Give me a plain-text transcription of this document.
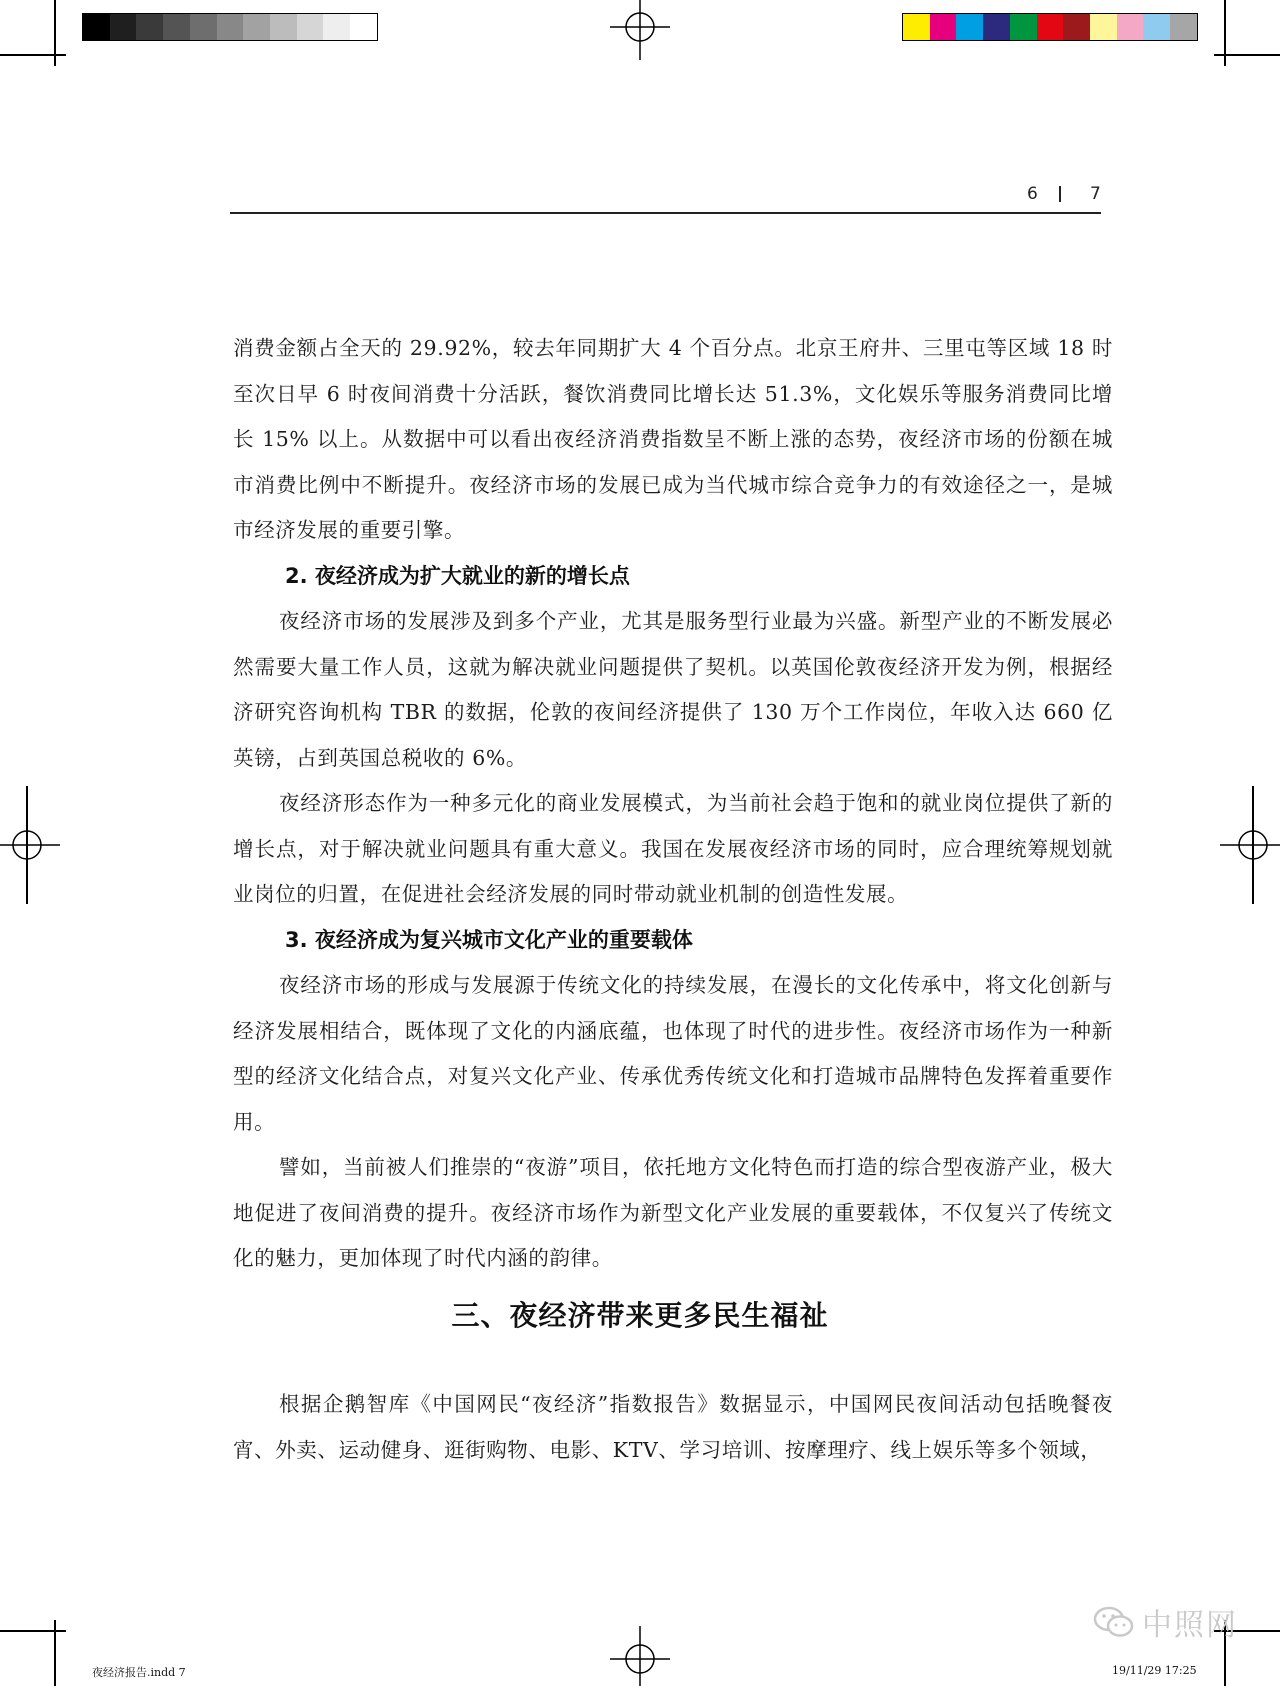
6	7

消费金额占全天的 29.92%，较去年同期扩大 4 个百分点。北京王府井、三里屯等区域 18 时至次日早 6 时夜间消费十分活跃，餐饮消费同比增长达 51.3%，文化娱乐等服务消费同比增长 15% 以上。从数据中可以看出夜经济消费指数呈不断上涨的态势，夜经济市场的份额在城市消费比例中不断提升。夜经济市场的发展已成为当代城市综合竞争力的有效途径之一，是城市经济发展的重要引擎。

2. 夜经济成为扩大就业的新的增长点

夜经济市场的发展涉及到多个产业，尤其是服务型行业最为兴盛。新型产业的不断发展必然需要大量工作人员，这就为解决就业问题提供了契机。以英国伦敦夜经济开发为例，根据经济研究咨询机构 TBR 的数据，伦敦的夜间经济提供了 130 万个工作岗位，年收入达 660 亿英镑，占到英国总税收的 6%。

夜经济形态作为一种多元化的商业发展模式，为当前社会趋于饱和的就业岗位提供了新的增长点，对于解决就业问题具有重大意义。我国在发展夜经济市场的同时，应合理统筹规划就业岗位的归置，在促进社会经济发展的同时带动就业机制的创造性发展。

3. 夜经济成为复兴城市文化产业的重要载体

夜经济市场的形成与发展源于传统文化的持续发展，在漫长的文化传承中，将文化创新与经济发展相结合，既体现了文化的内涵底蕴，也体现了时代的进步性。夜经济市场作为一种新型的经济文化结合点，对复兴文化产业、传承优秀传统文化和打造城市品牌特色发挥着重要作用。

譬如，当前被人们推崇的“夜游”项目，依托地方文化特色而打造的综合型夜游产业，极大地促进了夜间消费的提升。夜经济市场作为新型文化产业发展的重要载体，不仅复兴了传统文化的魅力，更加体现了时代内涵的韵律。

三、夜经济带来更多民生福祉

根据企鹅智库《中国网民“夜经济”指数报告》数据显示，中国网民夜间活动包括晚餐夜宵、外卖、运动健身、逛街购物、电影、KTV、学习培训、按摩理疗、线上娱乐等多个领域，

夜经济报告.indd 7	19/11/29 17:25
中照网
